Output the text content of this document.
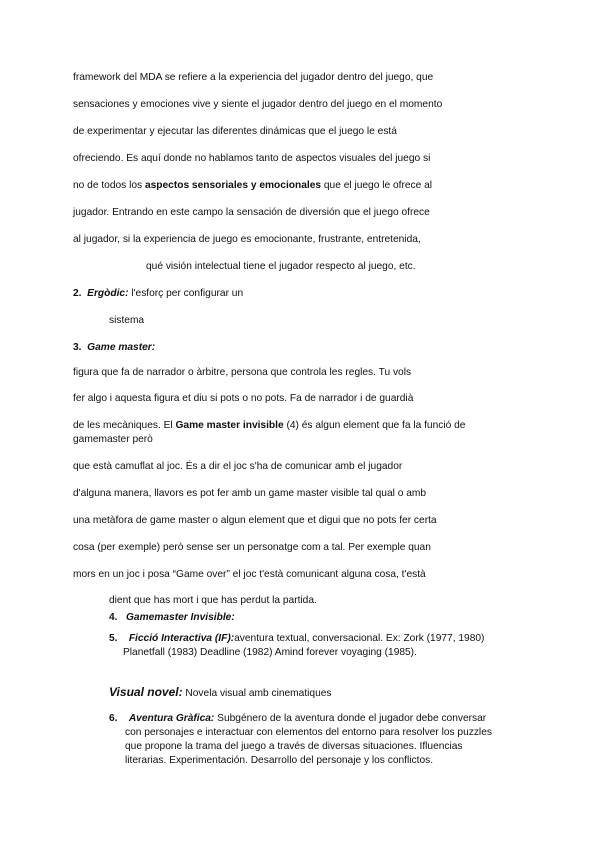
framework del MDA se refiere a la experiencia del jugador dentro del juego, que
sensaciones y emociones vive y siente el jugador dentro del juego en el momento
de experimentar y ejecutar las diferentes dinámicas que el juego le está
ofreciendo. Es aquí donde no hablamos tanto de aspectos visuales del juego si
no de todos los aspectos sensoriales y emocionales que el juego le ofrece al
jugador. Entrando en este campo la sensación de diversión que el juego ofrece
al jugador, si la experiencia de juego es emocionante, frustrante, entretenida,
qué visión intelectual tiene el jugador respecto al juego, etc.
2. Ergòdic: l'esforç per configurar un
sistema
3. Game master:
figura que fa de narrador o àrbitre, persona que controla les regles. Tu vols
fer algo i aquesta figura et diu si pots o no pots. Fa de narrador i de guardià
de les mecàniques. El Game master invisible (4) és algun element que fa la funció de
gamemaster però
que està camuflat al joc. És a dir el joc s'ha de comunicar amb el jugador
d'alguna manera, llavors es pot fer amb un game master visible tal qual o amb
una metàfora de game master o algun element que et digui que no pots fer certa
cosa (per exemple) però sense ser un personatge com a tal. Per exemple quan
mors en un joc i posa “Game over” el joc t'està comunicant alguna cosa, t'està
dient que has mort i que has perdut la partida.
4. Gamemaster Invisible:
5. Ficció Interactiva (IF):aventura textual, conversacional. Ex: Zork (1977, 1980)
Planetfall (1983) Deadline (1982) Amind forever voyaging (1985).
Visual novel: Novela visual amb cinematiques
6. Aventura Gràfica: Subgénero de la aventura donde el jugador debe conversar
con personajes e interactuar con elementos del entorno para resolver los puzzles
que propone la trama del juego a través de diversas situaciones. Ifluencias
literarias. Experimentación. Desarrollo del personaje y los conflictos.
